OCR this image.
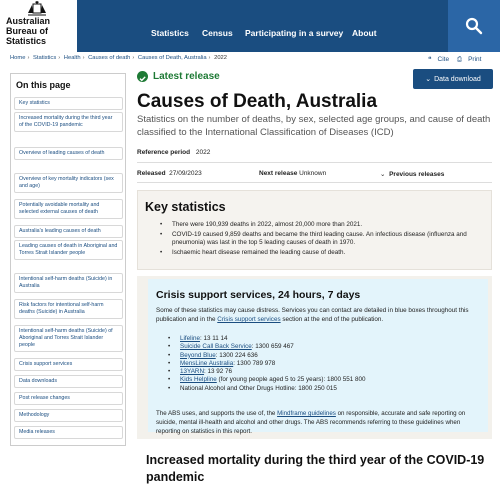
Australian
Bureau of
Statistics
Statistics Census Participating in a survey About
Home › Statistics › Health › Causes of death › Causes of Death, Australia › 2022
On this page
Key statistics
Increased mortality during the third year of the COVID-19 pandemic
Overview of leading causes of death
Overview of key mortality indicators (sex and age)
Potentially avoidable mortality and selected external causes of death
Australia's leading causes of death
Leading causes of death in Aboriginal and Torres Strait Islander people
Intentional self-harm deaths (Suicide) in Australia
Risk factors for intentional self-harm deaths (Suicide) in Australia
Intentional self-harm deaths (Suicide) of Aboriginal and Torres Strait Islander people
Crisis support services
Data downloads
Post release changes
Methodology
Media releases
Latest release
❝ Cite ⎙ Print
⌄ Data download
Causes of Death, Australia
Statistics on the number of deaths, by sex, selected age groups, and cause of death classified to the International Classification of Diseases (ICD)
Reference period 2022
Released 27/09/2023	Next release Unknown	⌄ Previous releases
Key statistics
• There were 190,939 deaths in 2022, almost 20,000 more than 2021.
• COVID-19 caused 9,859 deaths and became the third leading cause. An infectious disease (influenza and pneumonia) was last in the top 5 leading causes of death in 1970.
• Ischaemic heart disease remained the leading cause of death.
Crisis support services, 24 hours, 7 days
Some of these statistics may cause distress. Services you can contact are detailed in blue boxes throughout this publication and in the Crisis support services section at the end of the publication.
• Lifeline: 13 11 14
• Suicide Call Back Service: 1300 659 467
• Beyond Blue: 1300 224 636
• MensLine Australia: 1300 789 978
• 13YARN: 13 92 76
• Kids Helpline (for young people aged 5 to 25 years): 1800 551 800
• National Alcohol and Other Drugs Hotline: 1800 250 015
The ABS uses, and supports the use of, the Mindframe guidelines on responsible, accurate and safe reporting on suicide, mental ill-health and alcohol and other drugs. The ABS recommends referring to these guidelines when reporting on statistics in this report.
Increased mortality during the third year of the COVID-19 pandemic
